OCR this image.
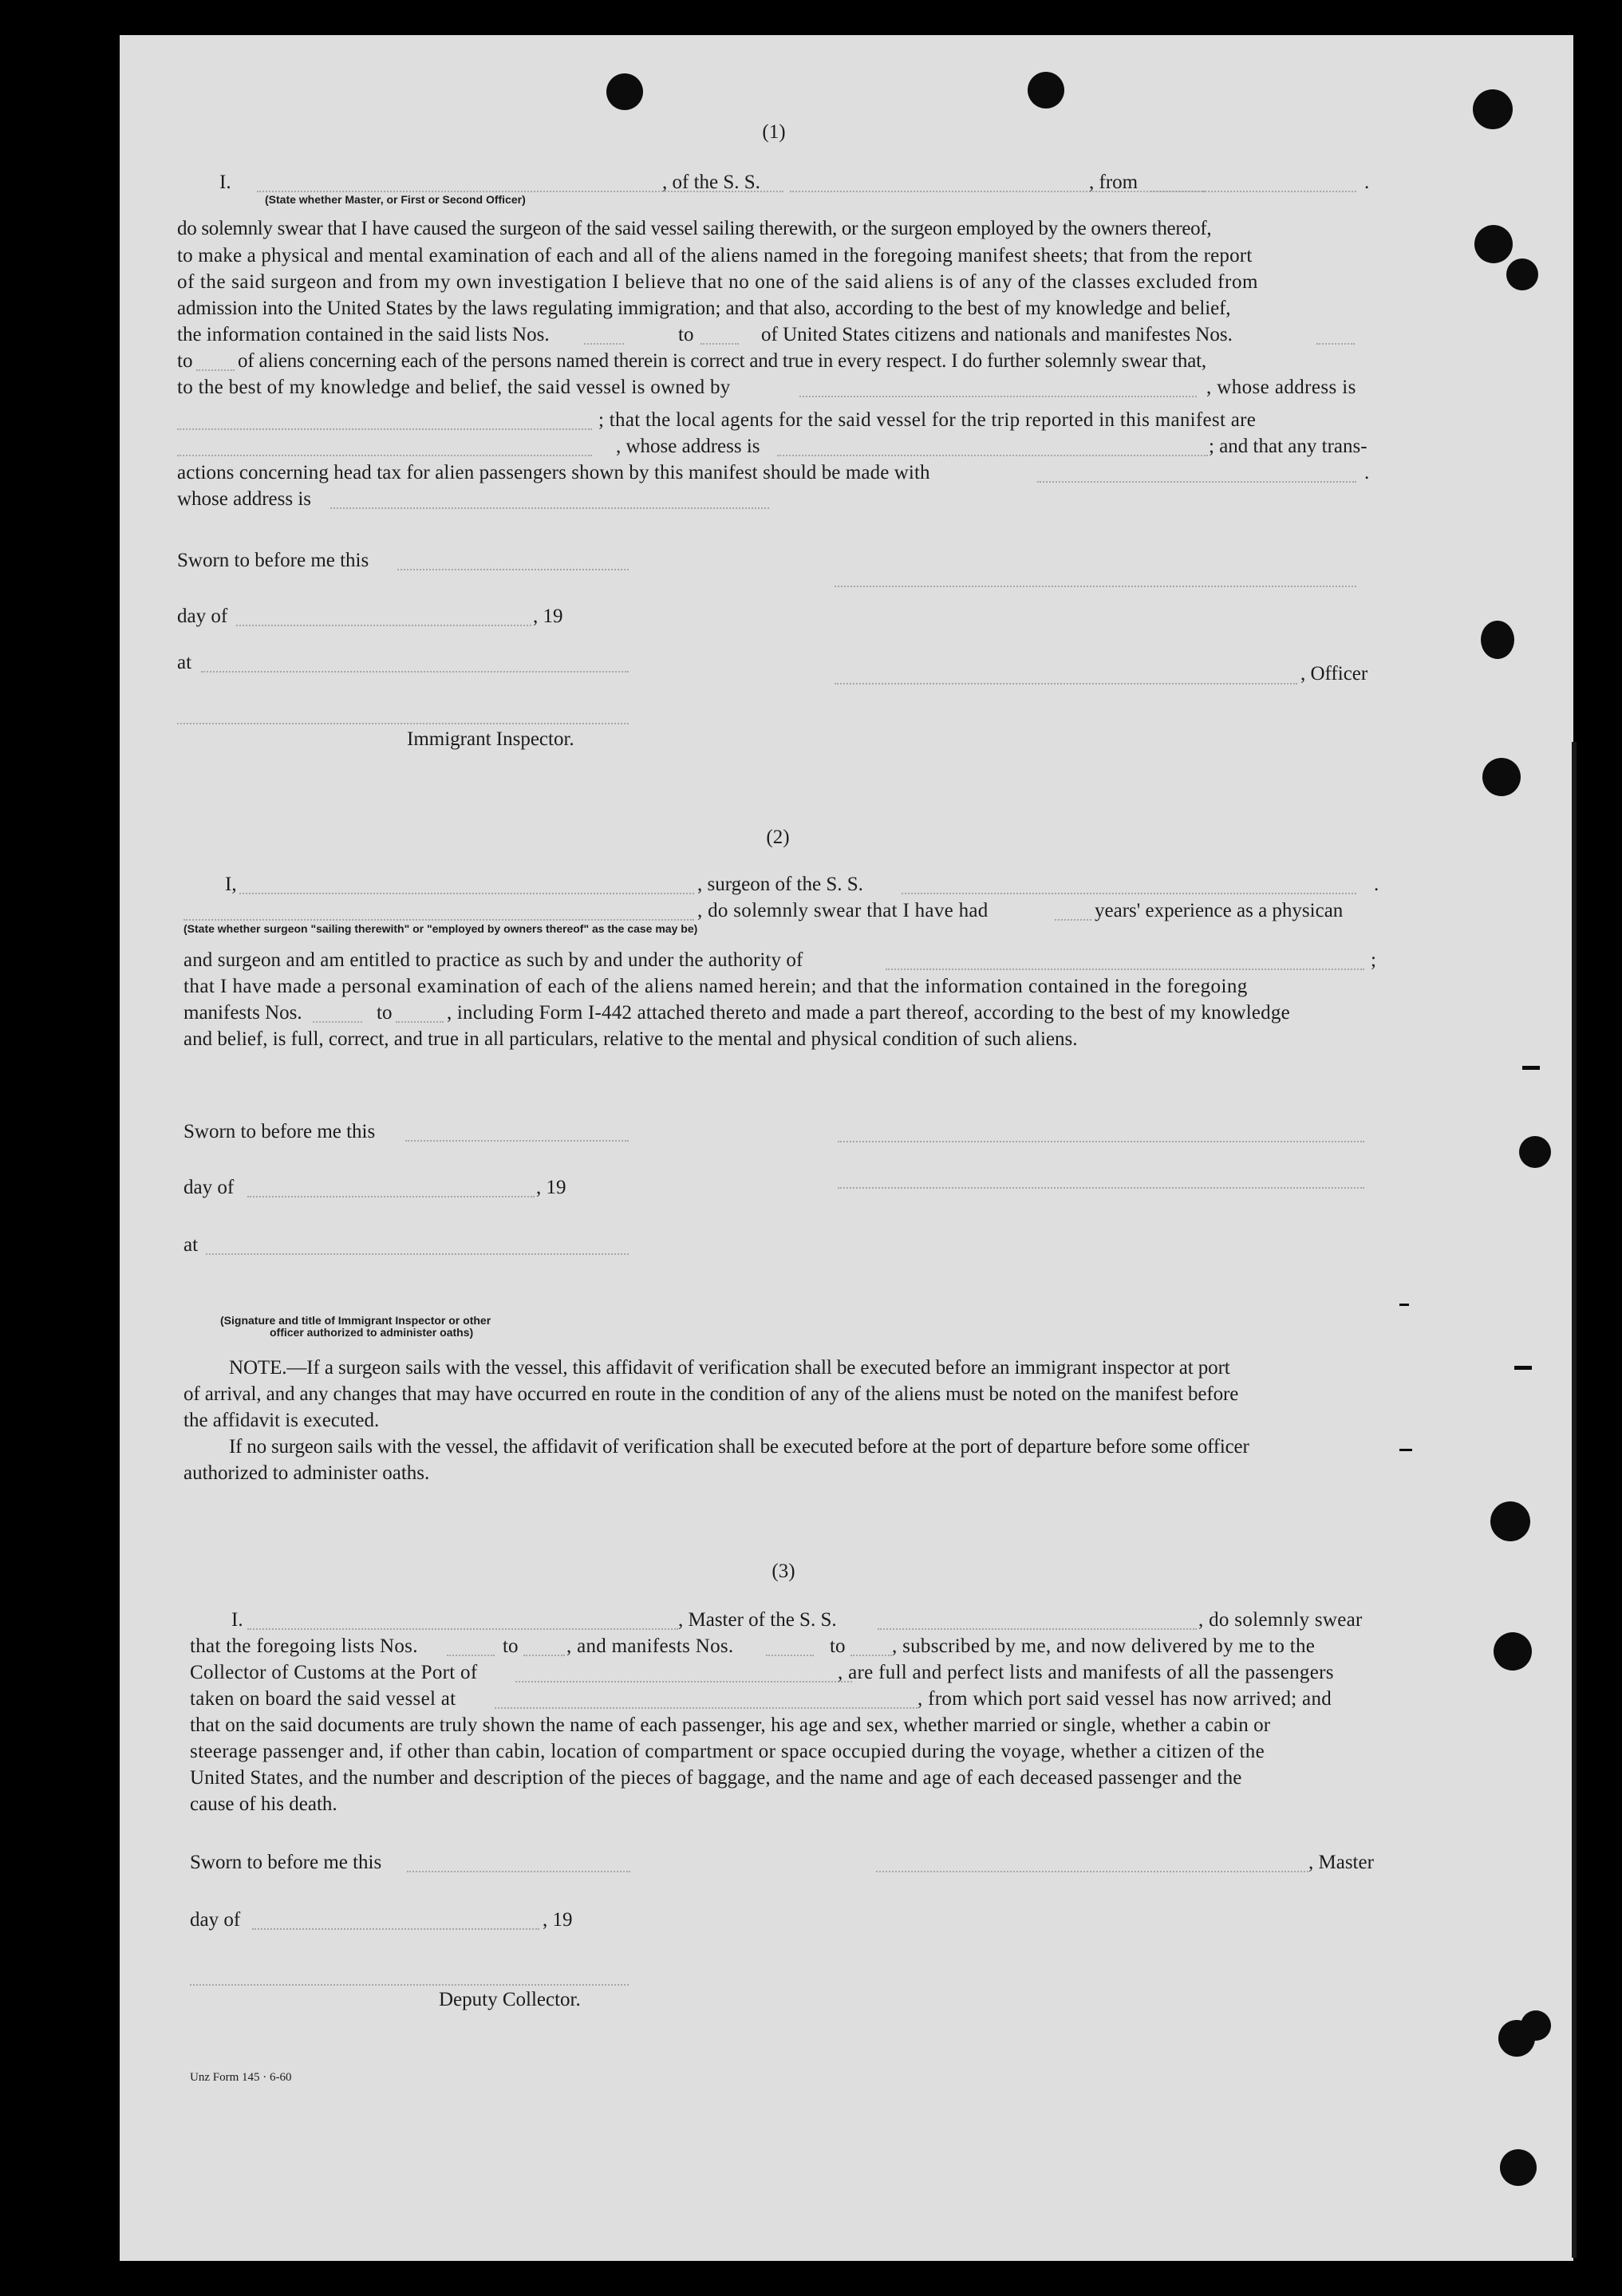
(1)
I.	, of the S. S.	, from	.
(State whether Master, or First or Second Officer)
do solemnly swear that I have caused the surgeon of the said vessel sailing therewith, or the surgeon employed by the owners thereof,
to make a physical and mental examination of each and all of the aliens named in the foregoing manifest sheets; that from the report
of the said surgeon and from my own investigation I believe that no one of the said aliens is of any of the classes excluded from
admission into the United States by the laws regulating immigration; and that also, according to the best of my knowledge and belief,
the information contained in the said lists Nos.	to	of United States citizens and nationals and manifestes Nos.
to of aliens concerning each of the persons named therein is correct and true in every respect. I do further solemnly swear that,
to the best of my knowledge and belief, the said vessel is owned by	, whose address is
; that the local agents for the said vessel for the trip reported in this manifest are
, whose address is	; and that any trans-
actions concerning head tax for alien passengers shown by this manifest should be made with	.
whose address is
Sworn to before me this
day of	, 19
at
, Officer
Immigrant Inspector.
(2)
I,	, surgeon of the S. S.	.
, do solemnly swear that I have had	years' experience as a physican
(State whether surgeon "sailing therewith" or "employed by owners thereof" as the case may be)
and surgeon and am entitled to practice as such by and under the authority of	;
that I have made a personal examination of each of the aliens named herein; and that the information contained in the foregoing
manifests Nos.	to	, including Form I-442 attached thereto and made a part thereof, according to the best of my knowledge
and belief, is full, correct, and true in all particulars, relative to the mental and physical condition of such aliens.
Sworn to before me this
day of	, 19
at
(Signature and title of Immigrant Inspector or other
officer authorized to administer oaths)
NOTE.—If a surgeon sails with the vessel, this affidavit of verification shall be executed before an immigrant inspector at port
of arrival, and any changes that may have occurred en route in the condition of any of the aliens must be noted on the manifest before
the affidavit is executed.
If no surgeon sails with the vessel, the affidavit of verification shall be executed before at the port of departure before some officer
authorized to administer oaths.
(3)
I.	, Master of the S. S.	, do solemnly swear
that the foregoing lists Nos.	to , and manifests Nos.	to , subscribed by me, and now delivered by me to the
Collector of Customs at the Port of	, are full and perfect lists and manifests of all the passengers
taken on board the said vessel at	, from which port said vessel has now arrived; and
that on the said documents are truly shown the name of each passenger, his age and sex, whether married or single, whether a cabin or
steerage passenger and, if other than cabin, location of compartment or space occupied during the voyage, whether a citizen of the
United States, and the number and description of the pieces of baggage, and the name and age of each deceased passenger and the
cause of his death.
Sworn to before me this	, Master
day of	, 19
Deputy Collector.
Unz Form 145 · 6-60
